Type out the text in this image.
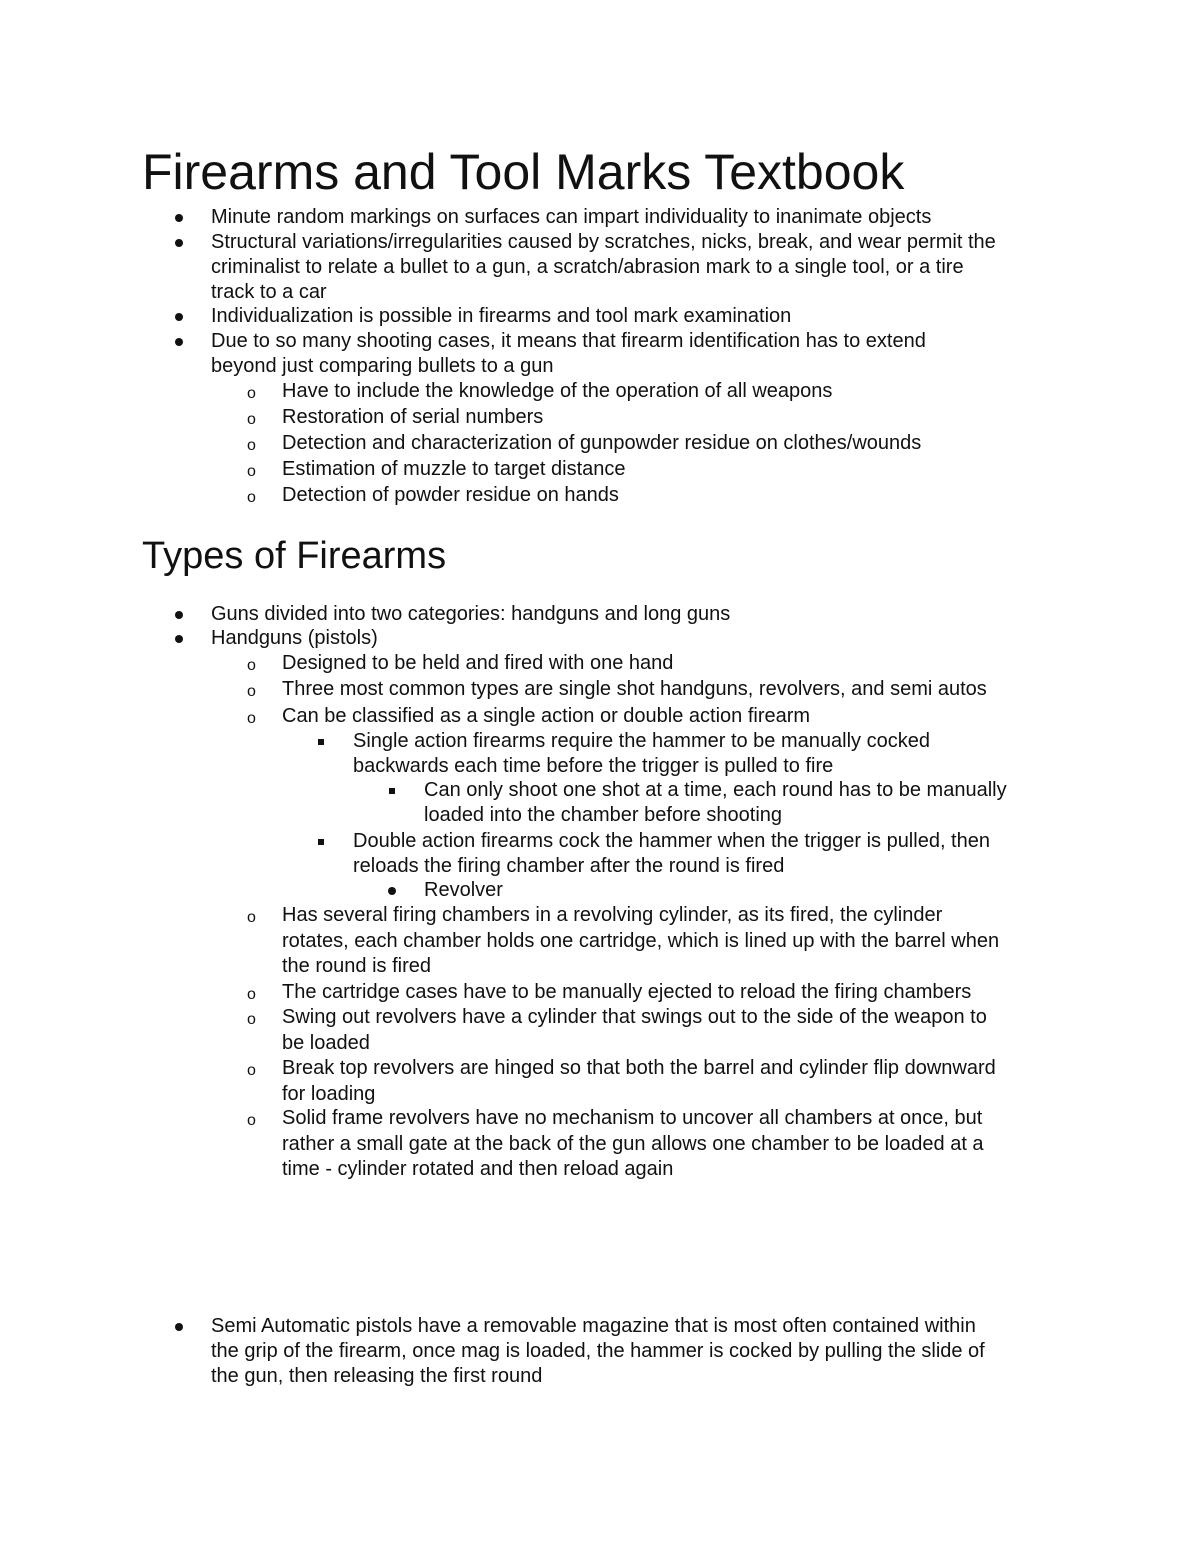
Firearms and Tool Marks Textbook
Minute random markings on surfaces can impart individuality to inanimate objects
Structural variations/irregularities caused by scratches, nicks, break, and wear permit the
criminalist to relate a bullet to a gun, a scratch/abrasion mark to a single tool, or a tire
track to a car
Individualization is possible in firearms and tool mark examination
Due to so many shooting cases, it means that firearm identification has to extend
beyond just comparing bullets to a gun
o Have to include the knowledge of the operation of all weapons
o Restoration of serial numbers
o Detection and characterization of gunpowder residue on clothes/wounds
o Estimation of muzzle to target distance
o Detection of powder residue on hands
Types of Firearms
Guns divided into two categories: handguns and long guns
Handguns (pistols)
o Designed to be held and fired with one hand
o Three most common types are single shot handguns, revolvers, and semi autos
o Can be classified as a single action or double action firearm
Single action firearms require the hammer to be manually cocked
backwards each time before the trigger is pulled to fire
Can only shoot one shot at a time, each round has to be manually
loaded into the chamber before shooting
Double action firearms cock the hammer when the trigger is pulled, then
reloads the firing chamber after the round is fired
Revolver
o Has several firing chambers in a revolving cylinder, as its fired, the cylinder
rotates, each chamber holds one cartridge, which is lined up with the barrel when
the round is fired
o The cartridge cases have to be manually ejected to reload the firing chambers
o Swing out revolvers have a cylinder that swings out to the side of the weapon to
be loaded
o Break top revolvers are hinged so that both the barrel and cylinder flip downward
for loading
o Solid frame revolvers have no mechanism to uncover all chambers at once, but
rather a small gate at the back of the gun allows one chamber to be loaded at a
time - cylinder rotated and then reload again
Semi Automatic pistols have a removable magazine that is most often contained within
the grip of the firearm, once mag is loaded, the hammer is cocked by pulling the slide of
the gun, then releasing the first round
